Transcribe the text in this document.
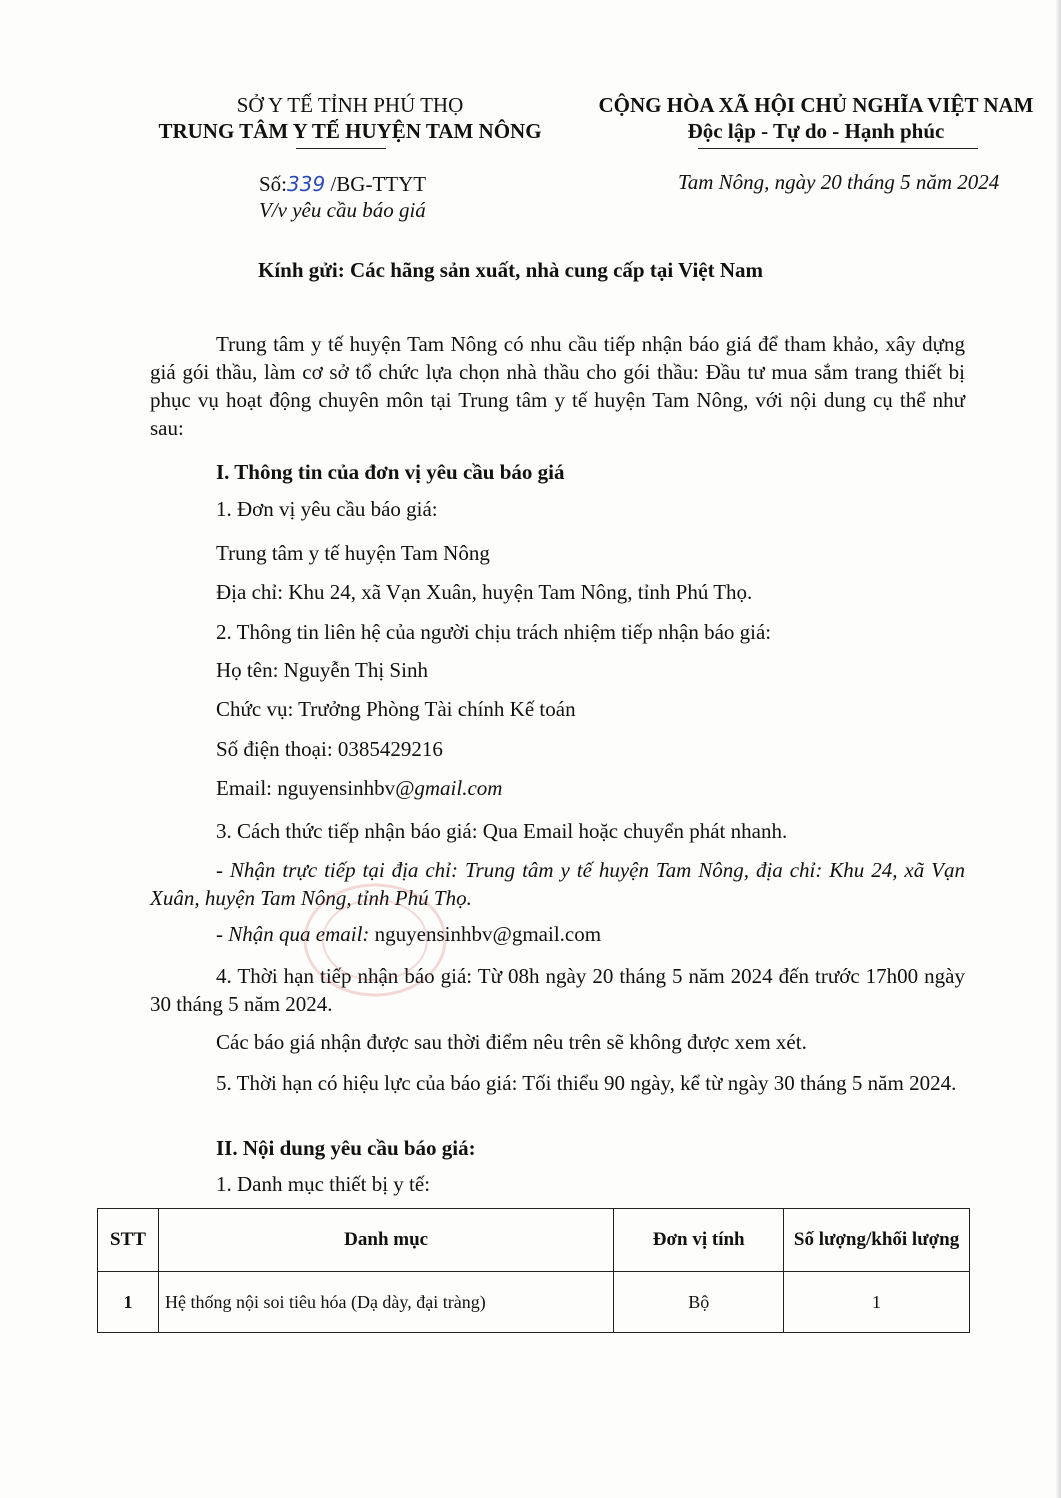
SỞ Y TẾ TỈNH PHÚ THỌ
TRUNG TÂM Y TẾ HUYỆN TAM NÔNG
Số:339 /BG-TTYT
V/v yêu cầu báo giá
CỘNG HÒA XÃ HỘI CHỦ NGHĨA VIỆT NAM
Độc lập - Tự do - Hạnh phúc
Tam Nông, ngày 20 tháng 5 năm 2024
Kính gửi: Các hãng sản xuất, nhà cung cấp tại Việt Nam
Trung tâm y tế huyện Tam Nông có nhu cầu tiếp nhận báo giá để tham khảo, xây dựng giá gói thầu, làm cơ sở tổ chức lựa chọn nhà thầu cho gói thầu: Đầu tư mua sắm trang thiết bị phục vụ hoạt động chuyên môn tại Trung tâm y tế huyện Tam Nông, với nội dung cụ thể như sau:
I. Thông tin của đơn vị yêu cầu báo giá
1. Đơn vị yêu cầu báo giá:
Trung tâm y tế huyện Tam Nông
Địa chỉ: Khu 24, xã Vạn Xuân, huyện Tam Nông, tỉnh Phú Thọ.
2. Thông tin liên hệ của người chịu trách nhiệm tiếp nhận báo giá:
Họ tên: Nguyễn Thị Sinh
Chức vụ: Trưởng Phòng Tài chính Kế toán
Số điện thoại: 0385429216
Email: nguyensinhbv@gmail.com
3. Cách thức tiếp nhận báo giá: Qua Email hoặc chuyển phát nhanh.
- Nhận trực tiếp tại địa chỉ: Trung tâm y tế huyện Tam Nông, địa chỉ: Khu 24, xã Vạn Xuân, huyện Tam Nông, tỉnh Phú Thọ.
- Nhận qua email: nguyensinhbv@gmail.com
4. Thời hạn tiếp nhận báo giá: Từ 08h ngày 20 tháng 5 năm 2024 đến trước 17h00 ngày 30 tháng 5 năm 2024.
Các báo giá nhận được sau thời điểm nêu trên sẽ không được xem xét.
5. Thời hạn có hiệu lực của báo giá: Tối thiểu 90 ngày, kể từ ngày 30 tháng 5 năm 2024.
II. Nội dung yêu cầu báo giá:
1. Danh mục thiết bị y tế:
STT	Danh mục	Đơn vị tính	Số lượng/khối lượng
1	Hệ thống nội soi tiêu hóa (Dạ dày, đại tràng)	Bộ	1
